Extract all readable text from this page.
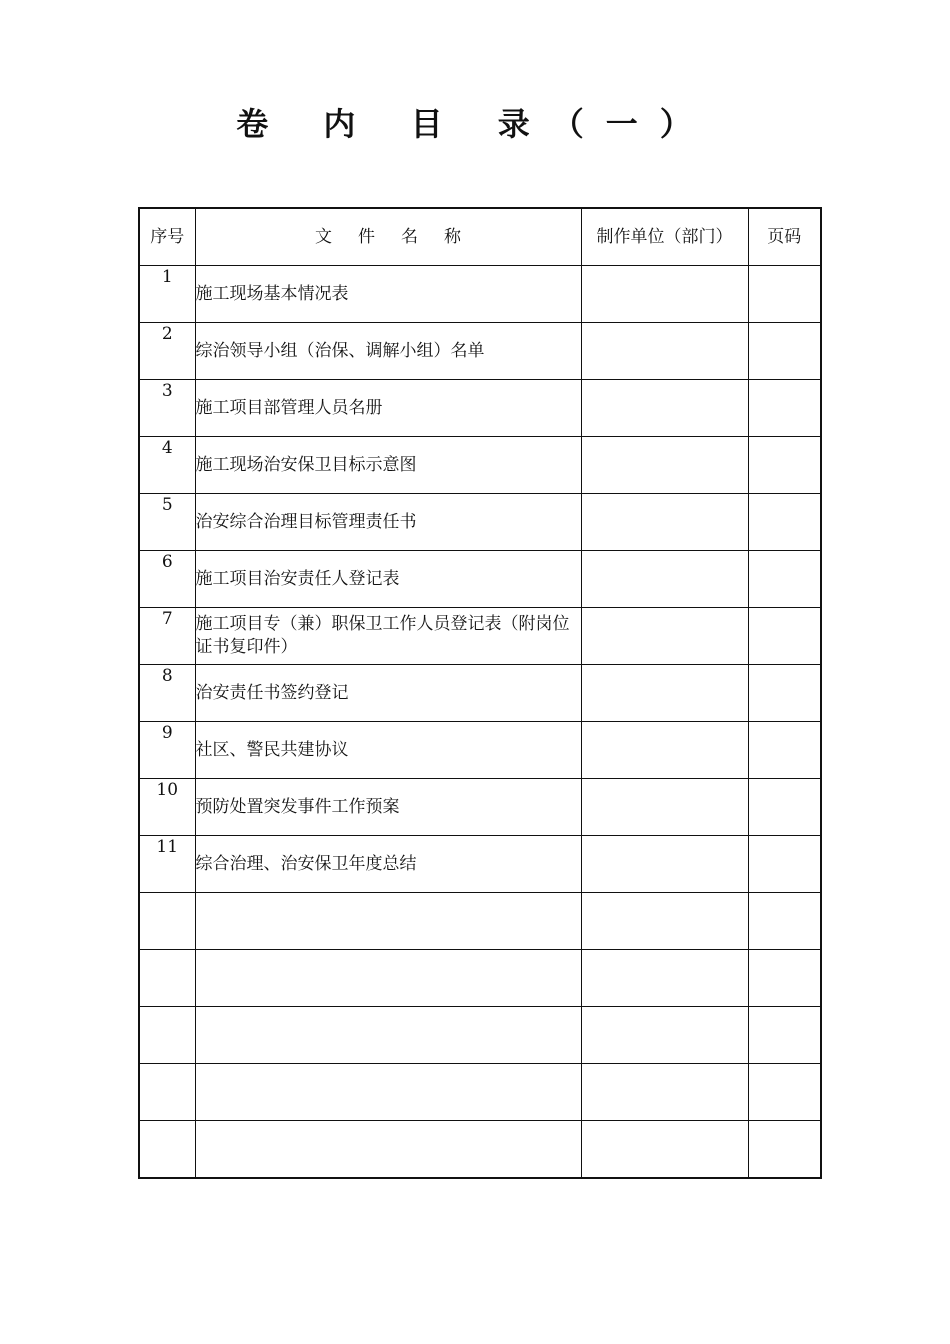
卷 内 目 录（一）
序号	文件名称	制作单位（部门）	页码
1	施工现场基本情况表		
2	综治领导小组（治保、调解小组）名单		
3	施工项目部管理人员名册		
4	施工现场治安保卫目标示意图		
5	治安综合治理目标管理责任书		
6	施工项目治安责任人登记表		
7	施工项目专（兼）职保卫工作人员登记表（附岗位证书复印件）		
8	治安责任书签约登记		
9	社区、警民共建协议		
10	预防处置突发事件工作预案		
11	综合治理、治安保卫年度总结		
